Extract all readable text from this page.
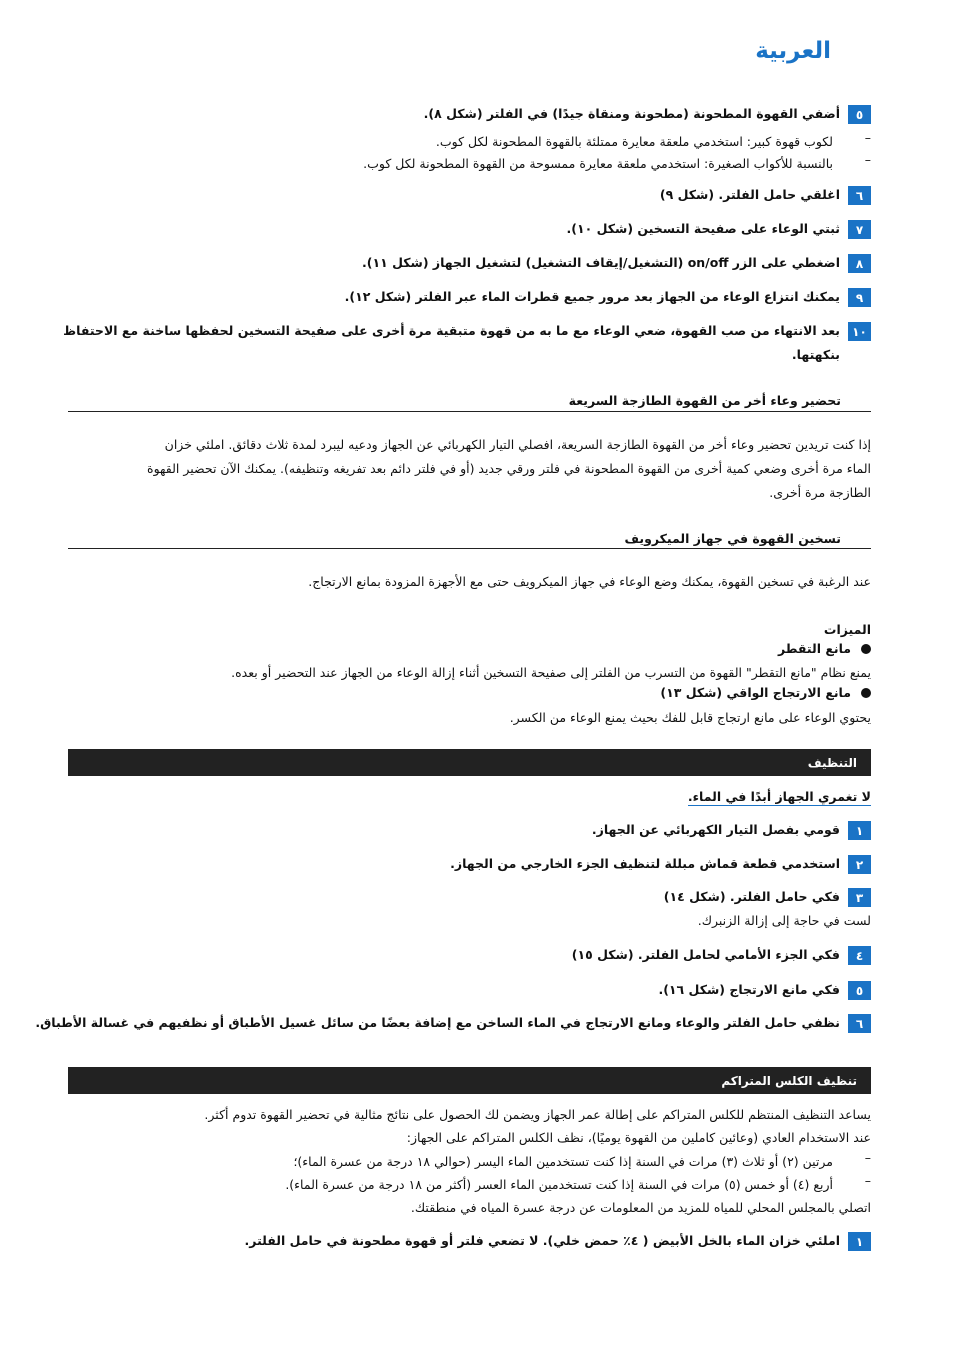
العربية
٥
أضفي القهوة المطحونة (مطحونة ومنقاة جيدًا) في الفلتر (شكل ٨).
–
لكوب قهوة كبير: استخدمي ملعقة معايرة ممتلئة بالقهوة المطحونة لكل كوب.
–
بالنسبة للأكواب الصغيرة: استخدمي ملعقة معايرة ممسوحة من القهوة المطحونة لكل كوب.
٦
اغلقي حامل الفلتر. (شكل ٩)
٧
ثبتي الوعاء على صفيحة التسخين (شكل ١٠).
٨
اضغطي على الزر on/off (التشغيل/إيقاف التشغيل) لتشغيل الجهاز (شكل ١١).
٩
يمكنك انتزاع الوعاء من الجهاز بعد مرور جميع قطرات الماء عبر الفلتر (شكل ١٢).
١٠
بعد الانتهاء من صب القهوة، ضعي الوعاء مع ما به من قهوة متبقية مرة أخرى على صفيحة التسخين لحفظها ساخنة مع الاحتفاظ
بنكهتها.
تحضير وعاء أخر من القهوة الطازجة السريعة
إذا كنت تريدين تحضير وعاء أخر من القهوة الطازجة السريعة، افصلي التيار الكهربائي عن الجهاز ودعيه ليبرد لمدة ثلاث دقائق. املئي خزان
الماء مرة أخرى وضعي كمية أخرى من القهوة المطحونة في فلتر ورقي جديد (أو في فلتر دائم بعد تفريغه وتنظيفه). يمكنك الآن تحضير القهوة
الطازجة مرة أخرى.
تسخين القهوة في جهاز الميكرويف
عند الرغبة في تسخين القهوة، يمكنك وضع الوعاء في جهاز الميكرويف حتى مع الأجهزة المزودة بمانع الارتجاج.
الميزات
مانع التقطر
يمنع نظام "مانع التقطر" القهوة من التسرب من الفلتر إلى صفيحة التسخين أثناء إزالة الوعاء من الجهاز عند التحضير أو بعده.
مانع الارتجاج الواقي (شكل ١٣)
يحتوي الوعاء على مانع ارتجاج قابل للفك بحيث يمنع الوعاء من الكسر.
التنظيف
لا تغمري الجهاز أبدًا في الماء.
١
قومي بفصل التيار الكهربائي عن الجهاز.
٢
استخدمي قطعة قماش مبللة لتنظيف الجزء الخارجي من الجهاز.
٣
فكي حامل الفلتر. (شكل ١٤)
لست في حاجة إلى إزالة الزنبرك.
٤
فكي الجزء الأمامي لحامل الفلتر. (شكل ١٥)
٥
فكي مانع الارتجاج (شكل ١٦).
٦
نظفي حامل الفلتر والوعاء ومانع الارتجاج في الماء الساخن مع إضافة بعضًا من سائل غسيل الأطباق أو نظفيهم في غسالة الأطباق.
تنظيف الكلس المتراكم
يساعد التنظيف المنتظم للكلس المتراكم على إطالة عمر الجهاز ويضمن لك الحصول على نتائج مثالية في تحضير القهوة تدوم أكثر.
عند الاستخدام العادي (وعائين كاملين من القهوة يوميًا)، نظف الكلس المتراكم على الجهاز:
–
مرتين (٢) أو ثلاث (٣) مرات في السنة إذا كنت تستخدمين الماء اليسر (حوالي ١٨ درجة من عسرة الماء)؛
–
أربع (٤) أو خمس (٥) مرات في السنة إذا كنت تستخدمين الماء العسر (أكثر من ١٨ درجة من عسرة الماء).
اتصلي بالمجلس المحلي للمياه للمزيد من المعلومات عن درجة عسرة المياه في منطقتك.
١
املئي خزان الماء بالخل الأبيض ( ٤٪ حمض خلي). لا تضعي فلتر أو قهوة مطحونة في حامل الفلتر.
